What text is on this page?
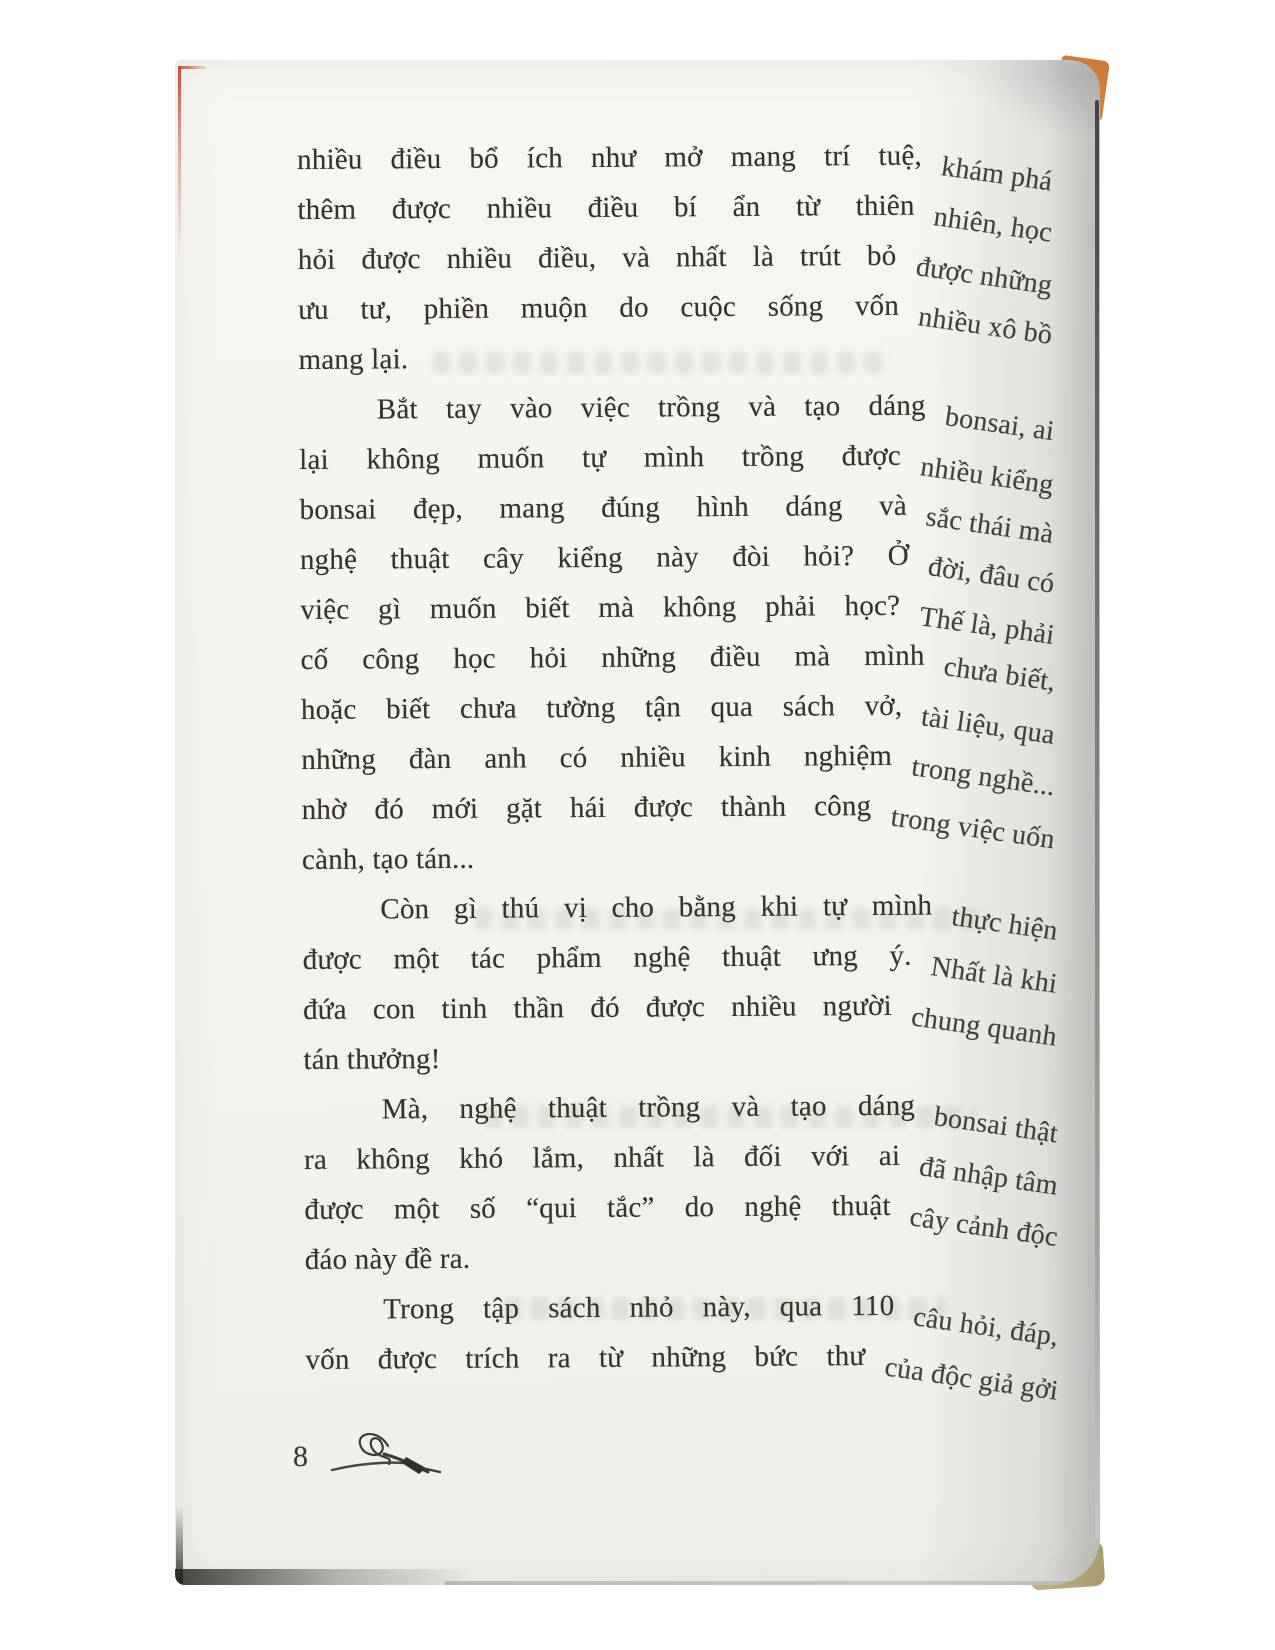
nhiều điều bổ ích như mở mang trí tuệ, khám phá
thêm được nhiều điều bí ẩn từ thiên nhiên, học
hỏi được nhiều điều, và nhất là trút bỏ được những
ưu tư, phiền muộn do cuộc sống vốn nhiều xô bồ
mang lại.
Bắt tay vào việc trồng và tạo dáng bonsai, ai
lại không muốn tự mình trồng được nhiều kiểng
bonsai đẹp, mang đúng hình dáng và sắc thái mà
nghệ thuật cây kiểng này đòi hỏi? Ở đời, đâu có
việc gì muốn biết mà không phải học? Thế là, phải
cố công học hỏi những điều mà mình chưa biết,
hoặc biết chưa tường tận qua sách vở, tài liệu, qua
những đàn anh có nhiều kinh nghiệm trong nghề...
nhờ đó mới gặt hái được thành công trong việc uốn
cành, tạo tán...
Còn gì thú vị cho bằng khi tự mình thực hiện
được một tác phẩm nghệ thuật ưng ý. Nhất là khi
đứa con tinh thần đó được nhiều người chung quanh
tán thưởng!
Mà, nghệ thuật trồng và tạo dáng bonsai thật
ra không khó lắm, nhất là đối với ai đã nhập tâm
được một số “qui tắc” do nghệ thuật cây cảnh độc
đáo này đề ra.
Trong tập sách nhỏ này, qua 110 câu hỏi, đáp,
vốn được trích ra từ những bức thư của độc giả gởi
8
